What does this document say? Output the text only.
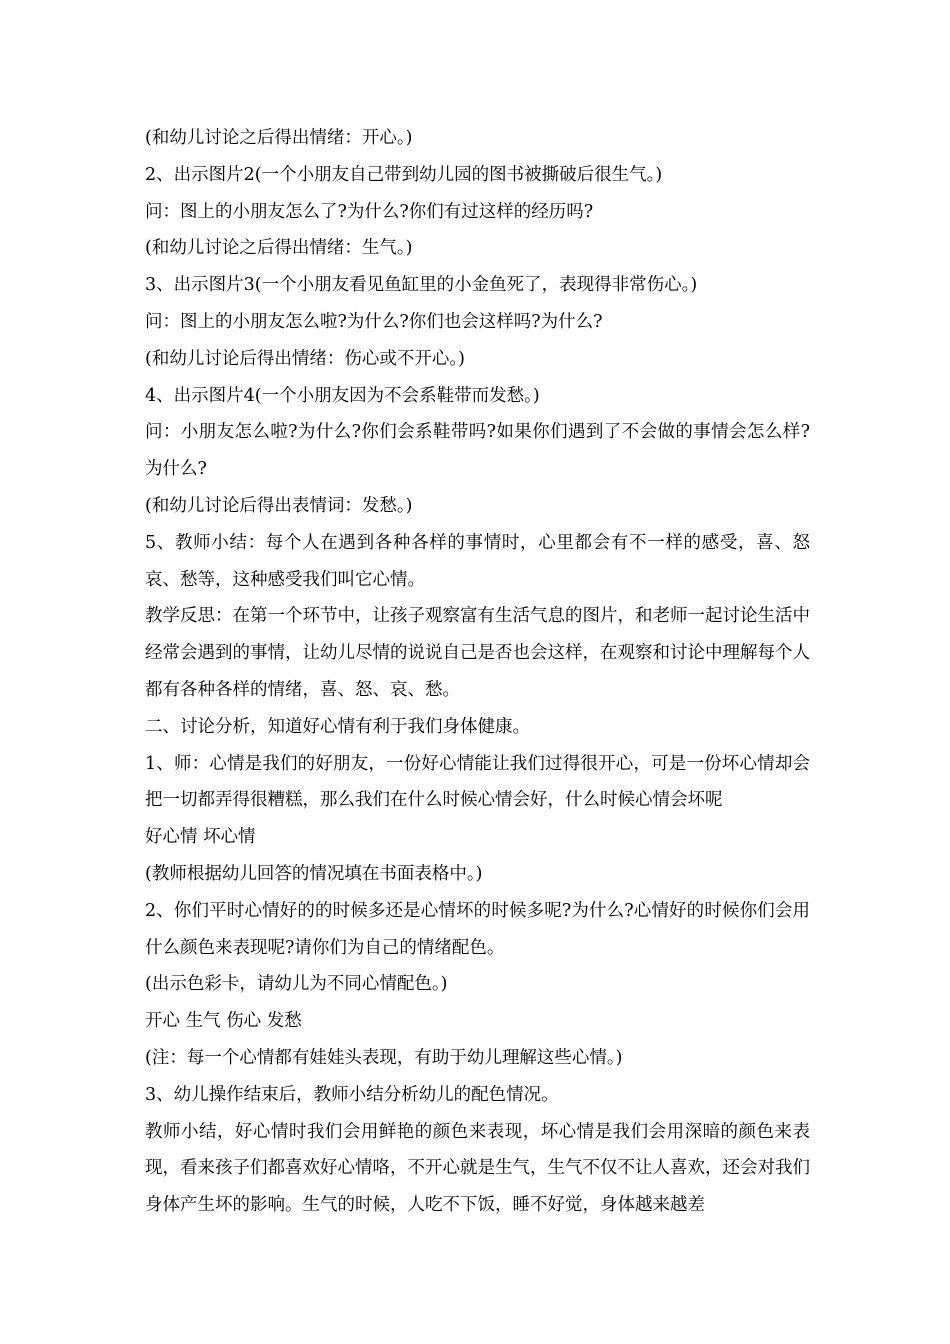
(和幼儿讨论之后得出情绪：开心。)

2、出示图片2(一个小朋友自己带到幼儿园的图书被撕破后很生气。)

问：图上的小朋友怎么了?为什么?你们有过这样的经历吗?

(和幼儿讨论之后得出情绪：生气。)

3、出示图片3(一个小朋友看见鱼缸里的小金鱼死了，表现得非常伤心。)

问：图上的小朋友怎么啦?为什么?你们也会这样吗?为什么?

(和幼儿讨论后得出情绪：伤心或不开心。)

4、出示图片4(一个小朋友因为不会系鞋带而发愁。)

问：小朋友怎么啦?为什么?你们会系鞋带吗?如果你们遇到了不会做的事情会怎么样?为什么?

(和幼儿讨论后得出表情词：发愁。)

5、教师小结：每个人在遇到各种各样的事情时，心里都会有不一样的感受，喜、怒哀、愁等，这种感受我们叫它心情。

教学反思：在第一个环节中，让孩子观察富有生活气息的图片，和老师一起讨论生活中经常会遇到的事情，让幼儿尽情的说说自己是否也会这样，在观察和讨论中理解每个人都有各种各样的情绪，喜、怒、哀、愁。

二、讨论分析，知道好心情有利于我们身体健康。

1、师：心情是我们的好朋友，一份好心情能让我们过得很开心，可是一份坏心情却会把一切都弄得很糟糕，那么我们在什么时候心情会好，什么时候心情会坏呢

好心情 坏心情

(教师根据幼儿回答的情况填在书面表格中。)

2、你们平时心情好的的时候多还是心情坏的时候多呢?为什么?心情好的时候你们会用什么颜色来表现呢?请你们为自己的情绪配色。

(出示色彩卡，请幼儿为不同心情配色。)

开心 生气 伤心 发愁

(注：每一个心情都有娃娃头表现，有助于幼儿理解这些心情。)

3、幼儿操作结束后，教师小结分析幼儿的配色情况。

教师小结，好心情时我们会用鲜艳的颜色来表现，坏心情是我们会用深暗的颜色来表现，看来孩子们都喜欢好心情咯，不开心就是生气，生气不仅不让人喜欢，还会对我们身体产生坏的影响。生气的时候，人吃不下饭，睡不好觉，身体越来越差
